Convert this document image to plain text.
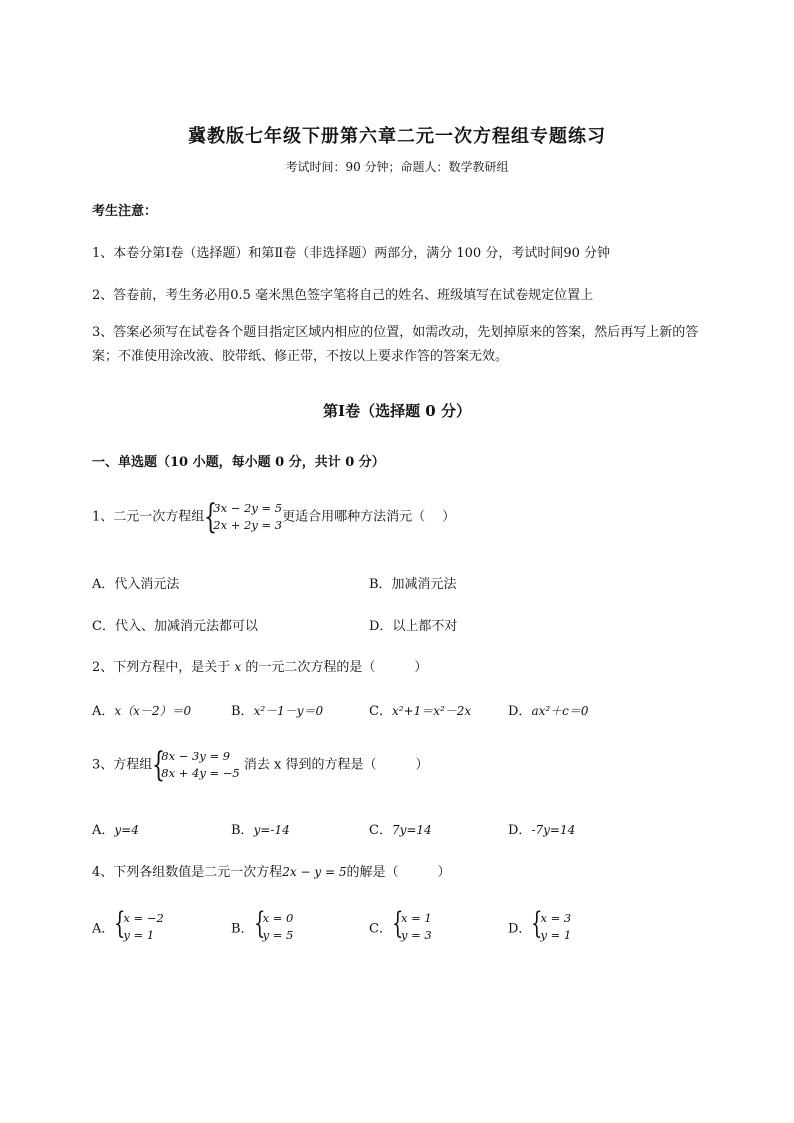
冀教版七年级下册第六章二元一次方程组专题练习
考试时间：90 分钟；命题人：数学教研组
考生注意：
1、本卷分第Ⅰ卷（选择题）和第Ⅱ卷（非选择题）两部分，满分 100 分，考试时间90 分钟
2、答卷前，考生务必用0.5 毫米黑色签字笔将自己的姓名、班级填写在试卷规定位置上
3、答案必须写在试卷各个题目指定区域内相应的位置，如需改动，先划掉原来的答案，然后再写上新的答案；不准使用涂改液、胶带纸、修正带，不按以上要求作答的答案无效。
第Ⅰ卷（选择题 0 分）
一、单选题（10 小题，每小题 0 分，共计 0 分）
1、二元一次方程组 {
3x − 2y = 5
2x + 2y = 3
更适合用哪种方法消元（　 ）
A．代入消元法	B．加减消元法
C．代入、加减消元法都可以	D．以上都不对
2、下列方程中，是关于 x 的一元二次方程的是（　　　）
A．x（x－2）＝0	B．x²－1－y＝0	C．x²+1＝x²－2x	D．ax²＋c＝0
3、方程组 {
8x − 3y = 9
8x + 4y = −5
消去 x 得到的方程是（　　　）
A．y=4	B．y=-14	C．7y=14	D．-7y=14
4、下列各组数值是二元一次方程2x − y = 5的解是（　　　）
A． {
x = −2
y = 1	B． {
x = 0
y = 5	C． {
x = 1
y = 3	D． {
x = 3
y = 1
